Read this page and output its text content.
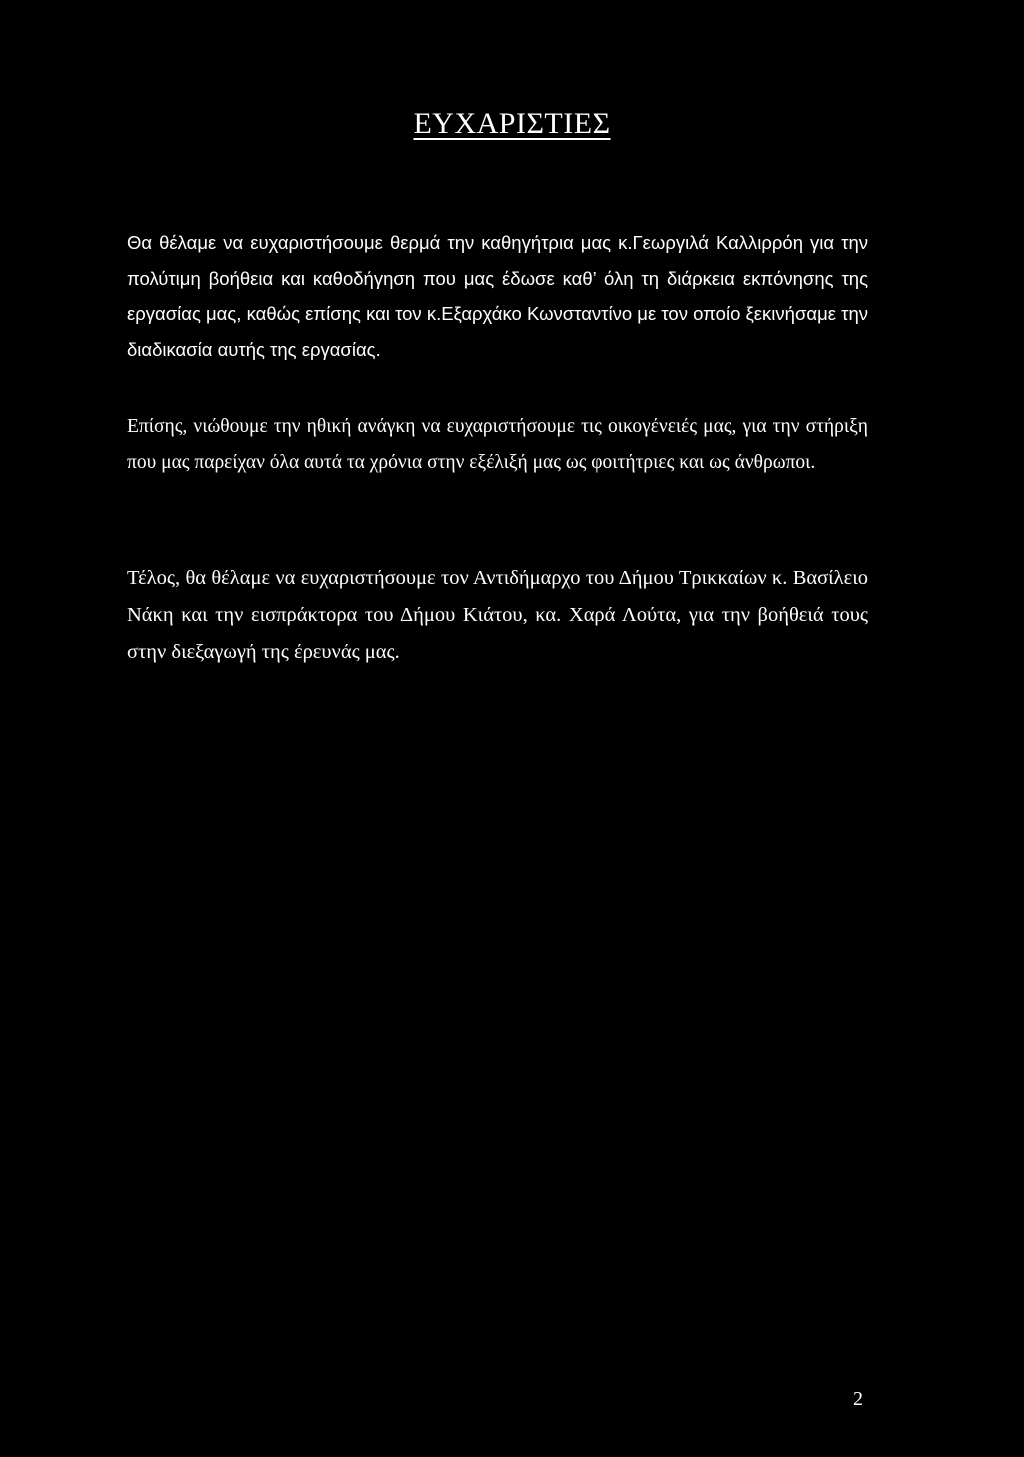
ΕΥΧΑΡΙΣΤΙΕΣ

Θα θέλαμε να ευχαριστήσουμε θερμά την καθηγήτρια μας κ.Γεωργιλά Καλλιρρόη για την πολύτιμη βοήθεια και καθοδήγηση που μας έδωσε καθ’ όλη τη διάρκεια εκπόνησης της εργασίας μας, καθώς επίσης και τον κ.Εξαρχάκο Κωνσταντίνο με τον οποίο ξεκινήσαμε την διαδικασία αυτής της εργασίας.

Επίσης, νιώθουμε την ηθική ανάγκη να ευχαριστήσουμε τις οικογένειές μας, για την στήριξη που μας παρείχαν όλα αυτά τα χρόνια στην εξέλιξή μας ως φοιτήτριες και ως άνθρωποι.

Τέλος, θα θέλαμε να ευχαριστήσουμε τον Αντιδήμαρχο του Δήμου Τρικκαίων κ. Βασίλειο Νάκη και την εισπράκτορα του Δήμου Κιάτου, κα. Χαρά Λούτα, για την βοήθειά τους στην διεξαγωγή της έρευνάς μας.

2
